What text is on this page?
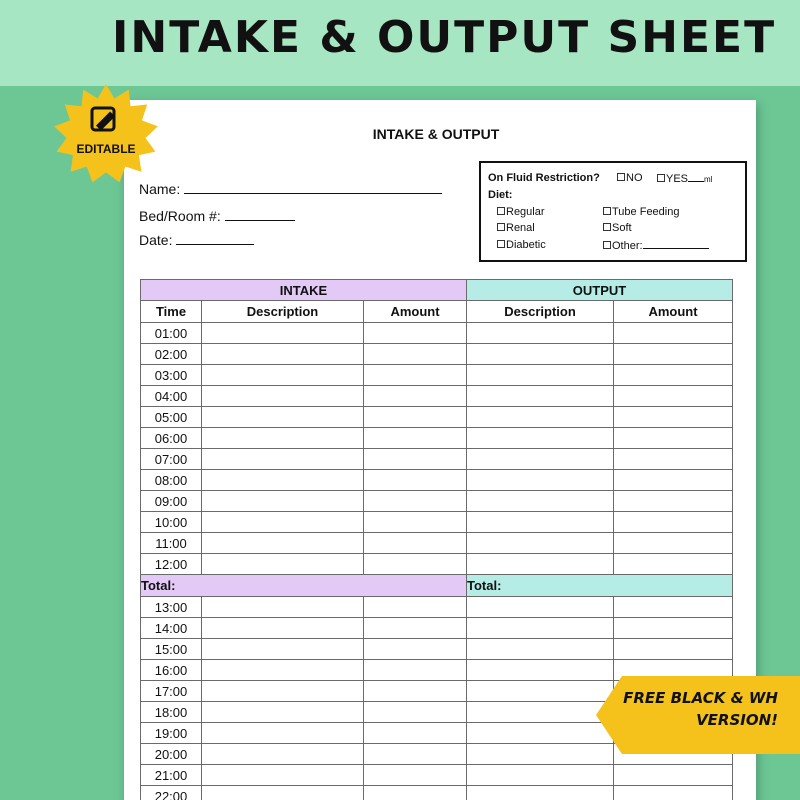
INTAKE & OUTPUT SHEET
INTAKE & OUTPUT
Name:
Bed/Room #:
Date:
On Fluid Restriction?	NO	YES ml
Diet:
Regular	Tube Feeding
Renal	Soft
Diabetic	Other:
INTAKE			OUTPUT	
Time	Description	Amount	Description	Amount
01:00				
02:00				
03:00				
04:00				
05:00				
06:00				
07:00				
08:00				
09:00				
10:00				
11:00				
12:00				
Total:			Total:	
13:00				
14:00				
15:00				
16:00				
17:00				
18:00				
19:00				
20:00				
21:00				
22:00				
EDITABLE
FREE BLACK & WH
VERSION!
